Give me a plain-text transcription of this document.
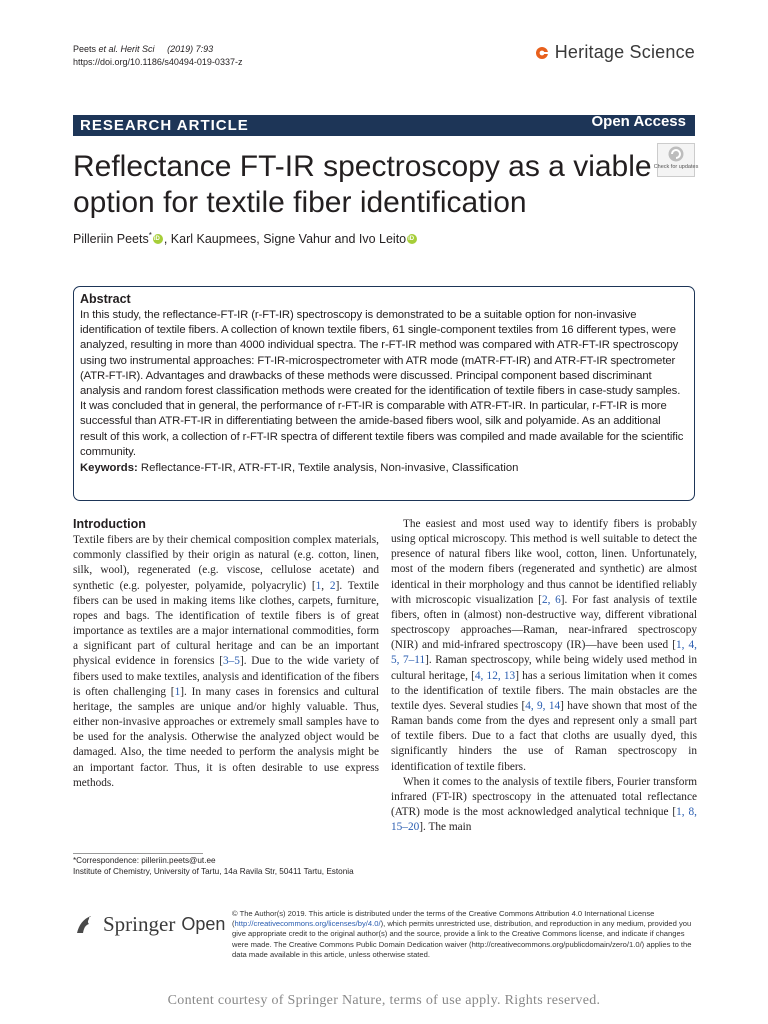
Peets et al. Herit Sci (2019) 7:93
https://doi.org/10.1186/s40494-019-0337-z	Heritage Science
RESEARCH ARTICLE	Open Access
Reflectance FT-IR spectroscopy as a viable
option for textile fiber identification
Check for updates
Pilleriin Peets*iD , Karl Kaupmees, Signe Vahur and Ivo LeitoiD
Abstract
In this study, the reflectance-FT-IR (r-FT-IR) spectroscopy is demonstrated to be a suitable option for non-invasive identification of textile fibers. A collection of known textile fibers, 61 single-component textiles from 16 different types, were analyzed, resulting in more than 4000 individual spectra. The r-FT-IR method was compared with ATR-FT-IR spectroscopy using two instrumental approaches: FT-IR-microspectrometer with ATR mode (mATR-FT-IR) and ATR-FT-IR spectrometer (ATR-FT-IR). Advantages and drawbacks of these methods were discussed. Principal component based discriminant analysis and random forest classification methods were created for the identification of textile fibers in case-study samples. It was concluded that in general, the performance of r-FT-IR is comparable with ATR-FT-IR. In particular, r-FT-IR is more successful than ATR-FT-IR in differentiating between the amide-based fibers wool, silk and polyamide. As an additional result of this work, a collection of r-FT-IR spectra of different textile fibers was compiled and made available for the scientific community.
Keywords: Reflectance-FT-IR, ATR-FT-IR, Textile analysis, Non-invasive, Classification
Introduction
Textile fibers are by their chemical composition complex materials, commonly classified by their origin as natural (e.g. cotton, linen, silk, wool), regenerated (e.g. viscose, cellulose acetate) and synthetic (e.g. polyester, polyamide, polyacrylic) [1, 2]. Textile fibers can be used in making items like clothes, carpets, furniture, ropes and bags. The identification of textile fibers is of great importance as textiles are a major international commodities, form a significant part of cultural heritage and can be an important physical evidence in forensics [3–5]. Due to the wide variety of fibers used to make textiles, analysis and identification of the fibers is often challenging [1]. In many cases in forensics and cultural heritage, the samples are unique and/or highly valuable. Thus, either non-invasive approaches or extremely small samples have to be used for the analysis. Otherwise the analyzed object would be damaged. Also, the time needed to perform the analysis might be an important factor. Thus, it is often desirable to use express methods.
The easiest and most used way to identify fibers is probably using optical microscopy. This method is well suitable to detect the presence of natural fibers like wool, cotton, linen. Unfortunately, most of the modern fibers (regenerated and synthetic) are almost identical in their morphology and thus cannot be identified reliably with microscopic visualization [2, 6]. For fast analysis of textile fibers, often in (almost) non-destructive way, different vibrational spectroscopy approaches—Raman, near-infrared spectroscopy (NIR) and mid-infrared spectroscopy (IR)—have been used [1, 4, 5, 7–11]. Raman spectroscopy, while being widely used method in cultural heritage, [4, 12, 13] has a serious limitation when it comes to the identification of textile fibers. The main obstacles are the textile dyes. Several studies [4, 9, 14] have shown that most of the Raman bands come from the dyes and represent only a small part of textile fibers. Due to a fact that cloths are usually dyed, this significantly hinders the use of Raman spectroscopy in identification of textile fibers.
When it comes to the analysis of textile fibers, Fourier transform infrared (FT-IR) spectroscopy in the attenuated total reflectance (ATR) mode is the most acknowledged analytical technique [1, 8, 15–20]. The main
*Correspondence: pilleriin.peets@ut.ee
Institute of Chemistry, University of Tartu, 14a Ravila Str, 50411 Tartu, Estonia
Springer Open
© The Author(s) 2019. This article is distributed under the terms of the Creative Commons Attribution 4.0 International License (http://creativecommons.org/licenses/by/4.0/), which permits unrestricted use, distribution, and reproduction in any medium, provided you give appropriate credit to the original author(s) and the source, provide a link to the Creative Commons license, and indicate if changes were made. The Creative Commons Public Domain Dedication waiver (http://creativecommons.org/publicdomain/zero/1.0/) applies to the data made available in this article, unless otherwise stated.
Content courtesy of Springer Nature, terms of use apply. Rights reserved.
